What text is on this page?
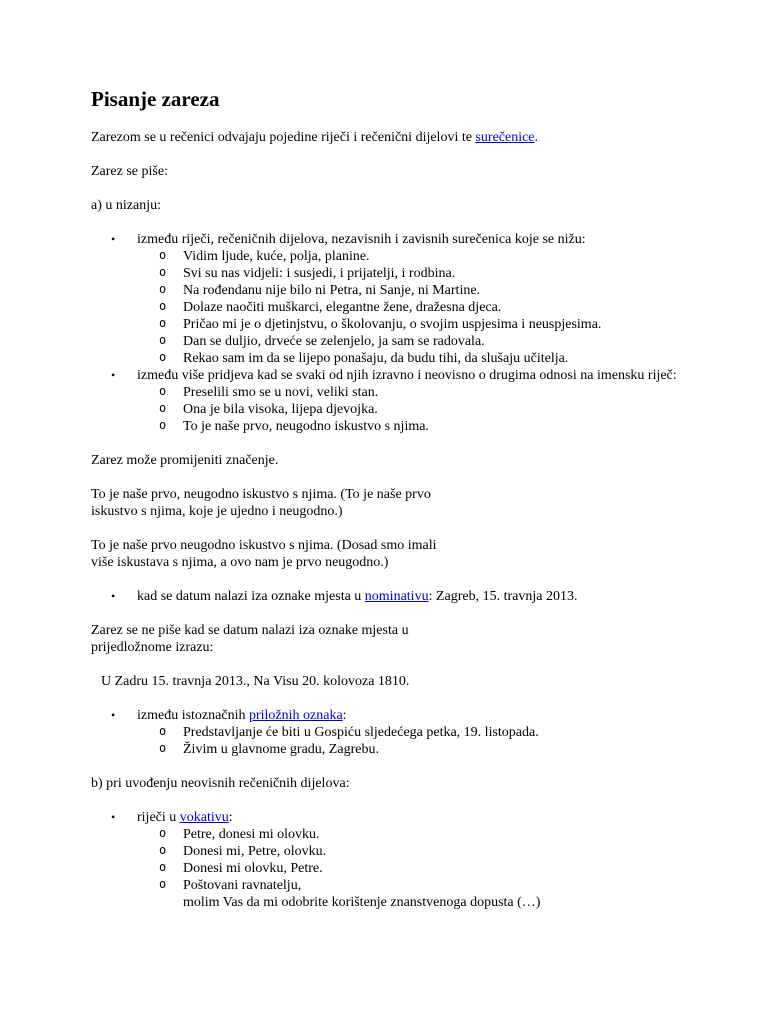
Pisanje zareza

Zarezom se u rečenici odvajaju pojedine riječi i rečenični dijelovi te surečenice.

Zarez se piše:

a) u nizanju:

• između riječi, rečeničnih dijelova, nezavisnih i zavisnih surečenica koje se nižu:
o Vidim ljude, kuće, polja, planine.
o Svi su nas vidjeli: i susjedi, i prijatelji, i rodbina.
o Na rođendanu nije bilo ni Petra, ni Sanje, ni Martine.
o Dolaze naočiti muškarci, elegantne žene, dražesna djeca.
o Pričao mi je o djetinjstvu, o školovanju, o svojim uspjesima i neuspjesima.
o Dan se duljio, drveće se zelenjelo, ja sam se radovala.
o Rekao sam im da se lijepo ponašaju, da budu tihi, da slušaju učitelja.
• između više pridjeva kad se svaki od njih izravno i neovisno o drugima odnosi na imensku riječ:
o Preselili smo se u novi, veliki stan.
o Ona je bila visoka, lijepa djevojka.
o To je naše prvo, neugodno iskustvo s njima.

Zarez može promijeniti značenje.

To je naše prvo, neugodno iskustvo s njima. (To je naše prvo

iskustvo s njima, koje je ujedno i neugodno.)

To je naše prvo neugodno iskustvo s njima. (Dosad smo imali

više iskustava s njima, a ovo nam je prvo neugodno.)

• kad se datum nalazi iza oznake mjesta u nominativu: Zagreb, 15. travnja 2013.

Zarez se ne piše kad se datum nalazi iza oznake mjesta u

prijedložnome izrazu:

U Zadru 15. travnja 2013., Na Visu 20. kolovoza 1810.

• između istoznačnih priložnih oznaka:
o Predstavljanje će biti u Gospiću sljedećega petka, 19. listopada.
o Živim u glavnome gradu, Zagrebu.

b) pri uvođenju neovisnih rečeničnih dijelova:

• riječi u vokativu:
o Petre, donesi mi olovku.
o Donesi mi, Petre, olovku.
o Donesi mi olovku, Petre.
o Poštovani ravnatelju,
molim Vas da mi odobrite korištenje znanstvenoga dopusta (…)
